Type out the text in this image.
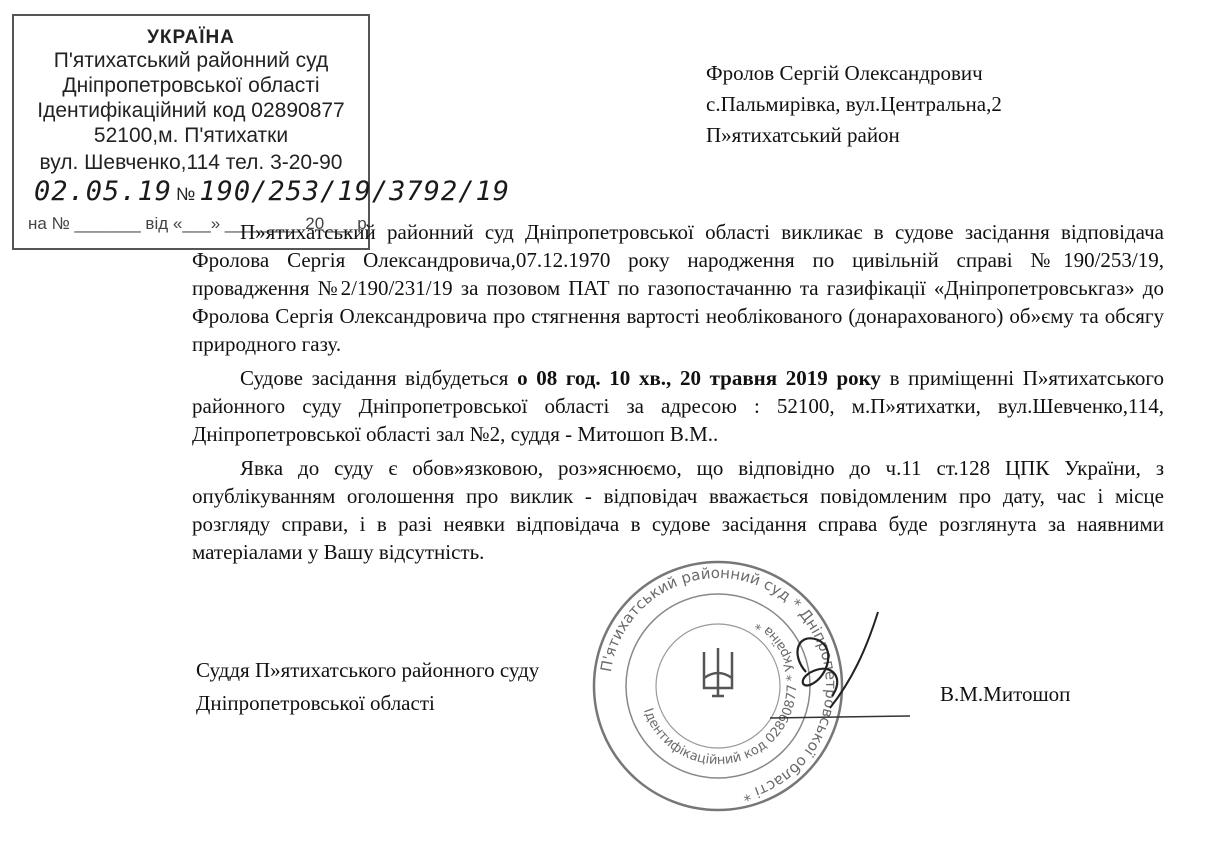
УКРАЇНА
П'ятихатський районний суд
Дніпропетровської області
Ідентифікаційний код 02890877
52100,м. П'ятихатки
вул. Шевченко,114 тел. 3-20-90
02.05.19 № 190/253/19/3792/19
на № _______ від «___» ________ 20___ р.
Фролов Сергій Олександрович
с.Пальмирівка, вул.Центральна,2
П»ятихатський район

П»ятихатський районний суд Дніпропетровської області викликає в судове засідання відповідача Фролова Сергія Олександровича,07.12.1970 року народження по цивільній справі №190/253/19, провадження №2/190/231/19 за позовом ПАТ по газопостачанню та газифікації «Дніпропетровськгаз» до Фролова Сергія Олександровича про стягнення вартості необлікованого (донарахованого) об»єму та обсягу природного газу.

Судове засідання відбудеться о 08 год. 10 хв., 20 травня 2019 року в приміщенні П»ятихатського районного суду Дніпропетровської області за адресою : 52100, м.П»ятихатки, вул.Шевченко,114, Дніпропетровської області зал №2, суддя - Митошоп В.М..

Явка до суду є обов»язковою, роз»яснюємо, що відповідно до ч.11 ст.128 ЦПК України, з опублікуванням оголошення про виклик - відповідач вважається повідомленим про дату, час і місце розгляду справи, і в разі неявки відповідача в судове засідання справа буде розглянута за наявними матеріалами у Вашу відсутність.

П'ятихатський районний суд * Дніпропетровської області *
Ідентифікаційний код 02890877 * Україна *
Суддя П»ятихатського районного суду
Дніпропетровської області	В.М.Митошоп
